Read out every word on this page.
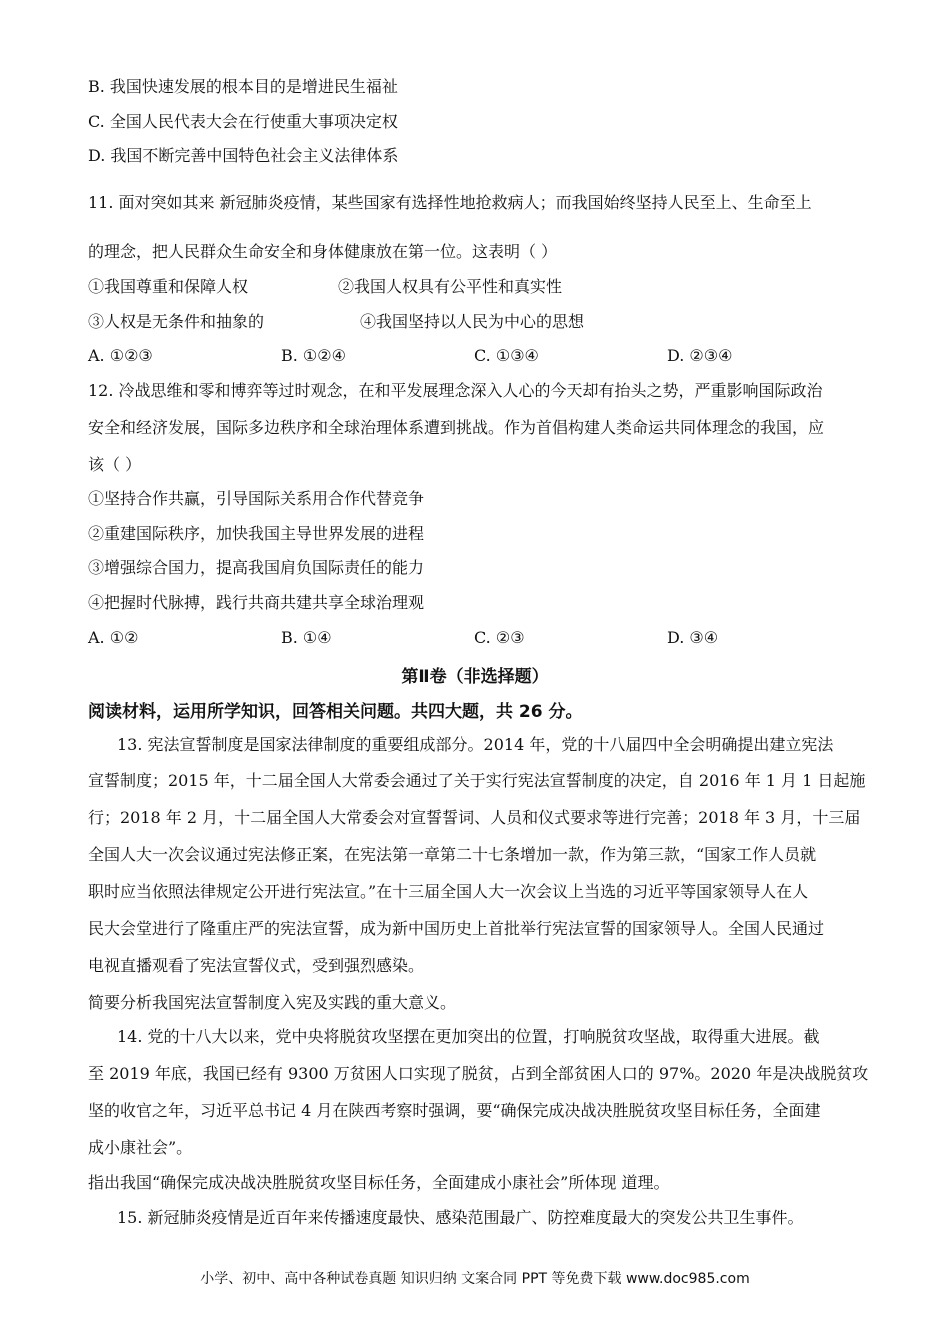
B. 我国快速发展的根本目的是增进民生福祉
C. 全国人民代表大会在行使重大事项决定权
D. 我国不断完善中国特色社会主义法律体系
11. 面对突如其来 新冠肺炎疫情，某些国家有选择性地抢救病人；而我国始终坚持人民至上、生命至上
的理念，把人民群众生命安全和身体健康放在第一位。这表明（ ）
①我国尊重和保障人权	②我国人权具有公平性和真实性
③人权是无条件和抽象的	④我国坚持以人民为中心的思想
A. ①②③	B. ①②④	C. ①③④	D. ②③④
12. 冷战思维和零和博弈等过时观念，在和平发展理念深入人心的今天却有抬头之势，严重影响国际政治
安全和经济发展，国际多边秩序和全球治理体系遭到挑战。作为首倡构建人类命运共同体理念的我国，应
该（ ）
①坚持合作共赢，引导国际关系用合作代替竞争
②重建国际秩序，加快我国主导世界发展的进程
③增强综合国力，提高我国肩负国际责任的能力
④把握时代脉搏，践行共商共建共享全球治理观
A. ①②	B. ①④	C. ②③	D. ③④
第Ⅱ卷（非选择题）
阅读材料，运用所学知识，回答相关问题。共四大题，共 26 分。
13. 宪法宣誓制度是国家法律制度的重要组成部分。2014 年，党的十八届四中全会明确提出建立宪法
宣誓制度；2015 年，十二届全国人大常委会通过了关于实行宪法宣誓制度的决定，自 2016 年 1 月 1 日起施
行；2018 年 2 月，十二届全国人大常委会对宣誓誓词、人员和仪式要求等进行完善；2018 年 3 月，十三届
全国人大一次会议通过宪法修正案，在宪法第一章第二十七条增加一款，作为第三款，“国家工作人员就
职时应当依照法律规定公开进行宪法宣。”在十三届全国人大一次会议上当选的习近平等国家领导人在人
民大会堂进行了隆重庄严的宪法宣誓，成为新中国历史上首批举行宪法宣誓的国家领导人。全国人民通过
电视直播观看了宪法宣誓仪式，受到强烈感染。
简要分析我国宪法宣誓制度入宪及实践的重大意义。
14. 党的十八大以来，党中央将脱贫攻坚摆在更加突出的位置，打响脱贫攻坚战，取得重大进展。截
至 2019 年底，我国已经有 9300 万贫困人口实现了脱贫，占到全部贫困人口的 97%。2020 年是决战脱贫攻
坚的收官之年，习近平总书记 4 月在陕西考察时强调，要“确保完成决战决胜脱贫攻坚目标任务，全面建
成小康社会”。
指出我国“确保完成决战决胜脱贫攻坚目标任务，全面建成小康社会”所体现 道理。
15. 新冠肺炎疫情是近百年来传播速度最快、感染范围最广、防控难度最大的突发公共卫生事件。
小学、初中、高中各种试卷真题 知识归纳 文案合同 PPT 等免费下载 www.doc985.com
